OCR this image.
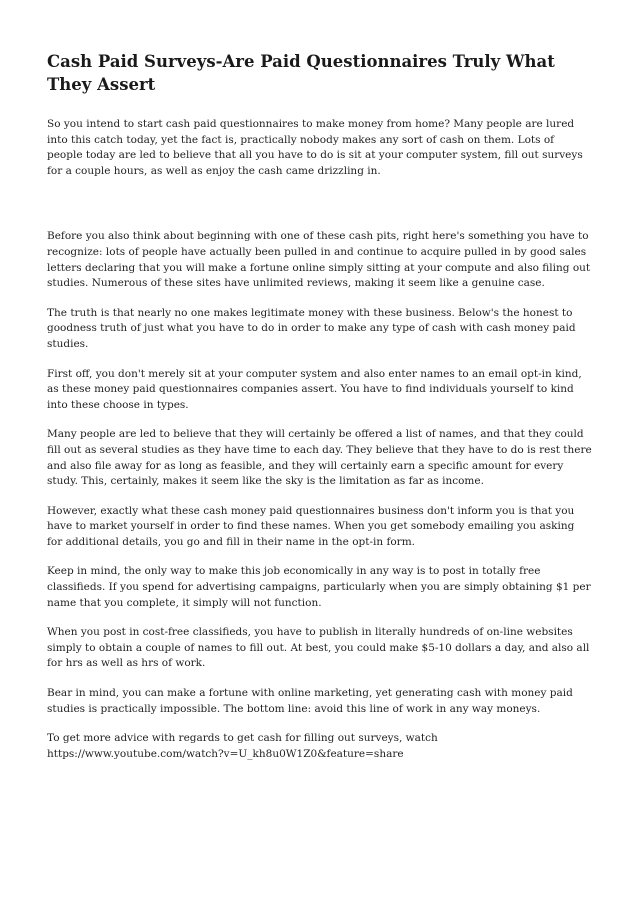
Cash Paid Surveys-Are Paid Questionnaires Truly What They Assert

So you intend to start cash paid questionnaires to make money from home? Many people are lured into this catch today, yet the fact is, practically nobody makes any sort of cash on them. Lots of people today are led to believe that all you have to do is sit at your computer system, fill out surveys for a couple hours, as well as enjoy the cash came drizzling in.

Before you also think about beginning with one of these cash pits, right here's something you have to recognize: lots of people have actually been pulled in and continue to acquire pulled in by good sales letters declaring that you will make a fortune online simply sitting at your compute and also filing out studies. Numerous of these sites have unlimited reviews, making it seem like a genuine case.

The truth is that nearly no one makes legitimate money with these business. Below's the honest to goodness truth of just what you have to do in order to make any type of cash with cash money paid studies.

First off, you don't merely sit at your computer system and also enter names to an email opt-in kind, as these money paid questionnaires companies assert. You have to find individuals yourself to kind into these choose in types.

Many people are led to believe that they will certainly be offered a list of names, and that they could fill out as several studies as they have time to each day. They believe that they have to do is rest there and also file away for as long as feasible, and they will certainly earn a specific amount for every study. This, certainly, makes it seem like the sky is the limitation as far as income.

However, exactly what these cash money paid questionnaires business don't inform you is that you have to market yourself in order to find these names. When you get somebody emailing you asking for additional details, you go and fill in their name in the opt-in form.

Keep in mind, the only way to make this job economically in any way is to post in totally free classifieds. If you spend for advertising campaigns, particularly when you are simply obtaining $1 per name that you complete, it simply will not function.

When you post in cost-free classifieds, you have to publish in literally hundreds of on-line websites simply to obtain a couple of names to fill out. At best, you could make $5-10 dollars a day, and also all for hrs as well as hrs of work.

Bear in mind, you can make a fortune with online marketing, yet generating cash with money paid studies is practically impossible. The bottom line: avoid this line of work in any way moneys.

To get more advice with regards to get cash for filling out surveys, watch
https://www.youtube.com/watch?v=U_kh8u0W1Z0&feature=share
